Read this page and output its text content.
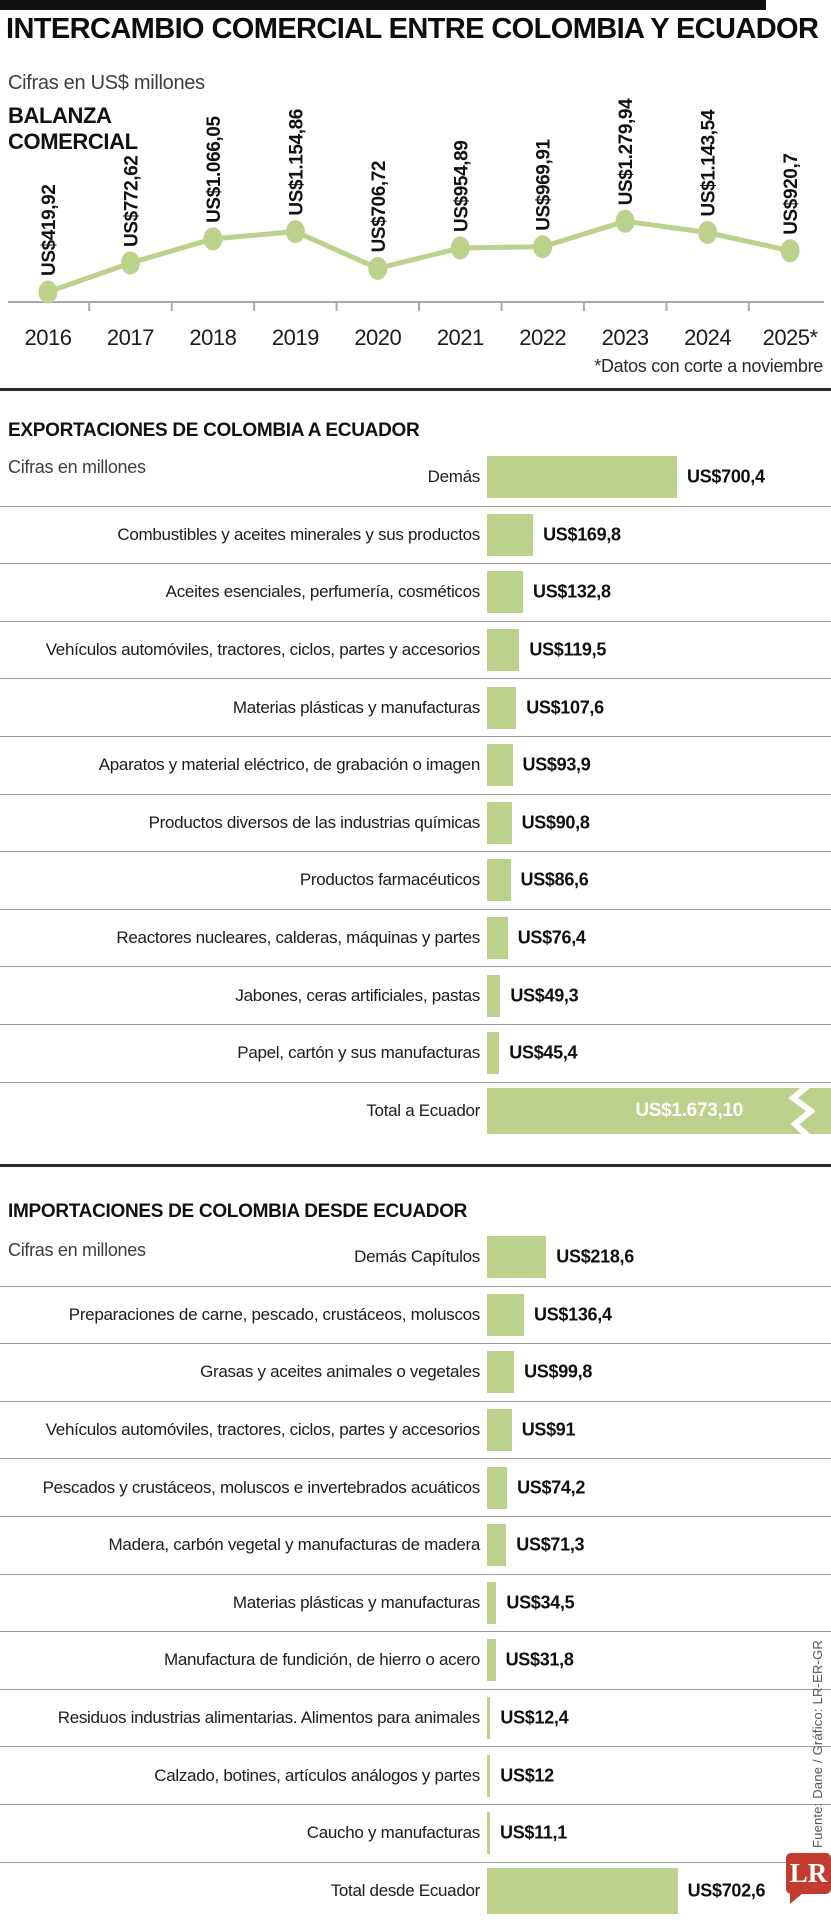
INTERCAMBIO COMERCIAL ENTRE COLOMBIA Y ECUADOR
Cifras en US$ millones
BALANZA
COMERCIAL
US$419,92
2016
US$772,62
2017
US$1.066,05
2018
US$1.154,86
2019
US$706,72
2020
US$954,89
2021
US$969,91
2022
US$1.279,94
2023
US$1.143,54
2024
US$920,7
2025*
*Datos con corte a noviembre
EXPORTACIONES DE COLOMBIA A ECUADOR
Cifras en millones	Demás	US$700,4
Combustibles y aceites minerales y sus productos	US$169,8
Aceites esenciales, perfumería, cosméticos	US$132,8
Vehículos automóviles, tractores, ciclos, partes y accesorios	US$119,5
Materias plásticas y manufacturas	US$107,6
Aparatos y material eléctrico, de grabación o imagen US$93,9
Productos diversos de las industrias químicas US$90,8
Productos farmacéuticos US$86,6
Reactores nucleares, calderas, máquinas y partes US$76,4
Jabones, ceras artificiales, pastas US$49,3
Papel, cartón y sus manufacturas US$45,4
Total a Ecuador	US$1.673,10
IMPORTACIONES DE COLOMBIA DESDE ECUADOR
Cifras en millones	Demás Capítulos	US$218,6
Preparaciones de carne, pescado, crustáceos, moluscos	US$136,4
Grasas y aceites animales o vegetales US$99,8
Vehículos automóviles, tractores, ciclos, partes y accesorios US$91
Pescados y crustáceos, moluscos e invertebrados acuáticos US$74,2
Madera, carbón vegetal y manufacturas de madera US$71,3
Materias plásticas y manufacturas US$34,5
Manufactura de fundición, de hierro o acero US$31,8
Residuos industrias alimentarias. Alimentos para animales US$12,4
Calzado, botines, artículos análogos y partes US$12
Caucho y manufacturas US$11,1
Total desde Ecuador	US$702,6
Fuente: Dane / Gráfico: LR-ER-GR
LR
